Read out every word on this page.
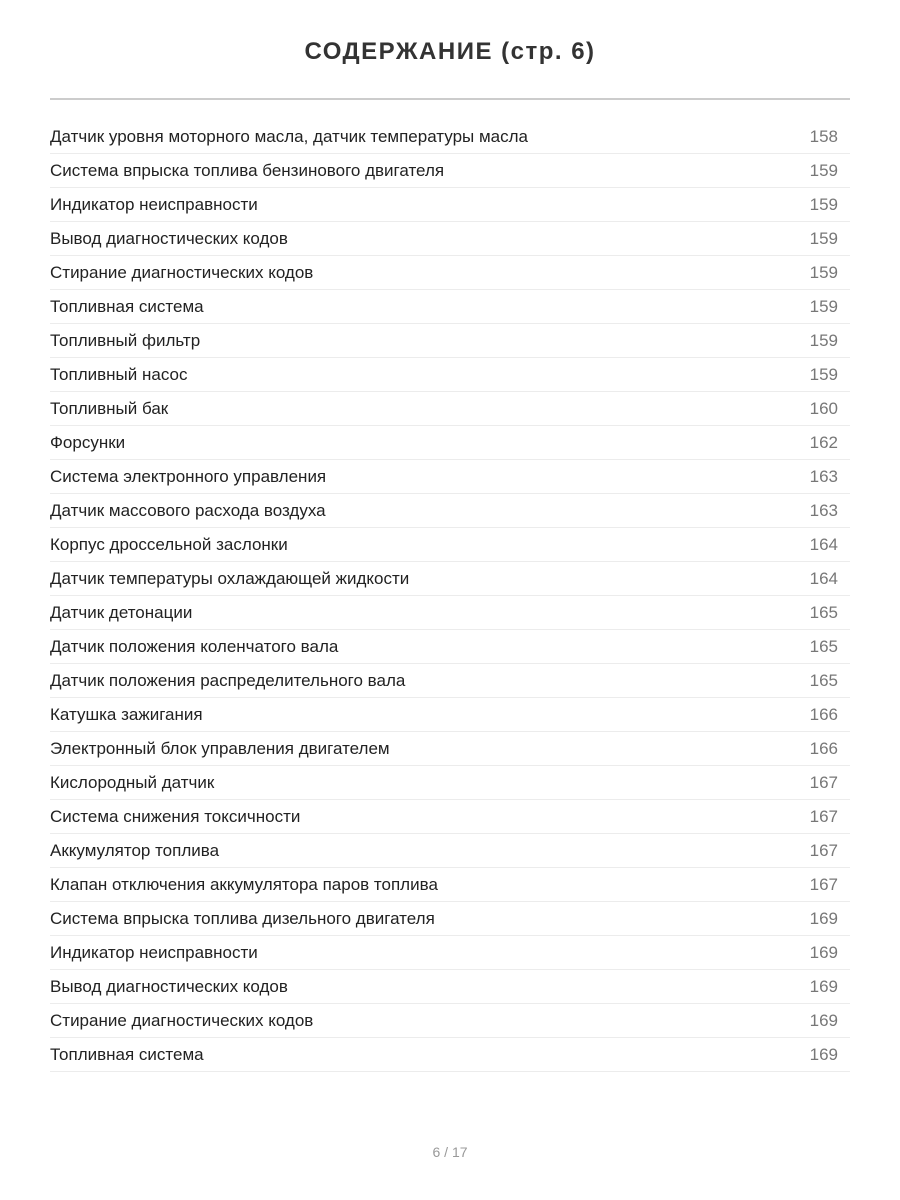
СОДЕРЖАНИЕ (стр. 6)
Датчик уровня моторного масла, датчик температуры масла	158
Система впрыска топлива бензинового двигателя	159
Индикатор неисправности	159
Вывод диагностических кодов	159
Стирание диагностических кодов	159
Топливная система	159
Топливный фильтр	159
Топливный насос	159
Топливный бак	160
Форсунки	162
Система электронного управления	163
Датчик массового расхода воздуха	163
Корпус дроссельной заслонки	164
Датчик температуры охлаждающей жидкости	164
Датчик детонации	165
Датчик положения коленчатого вала	165
Датчик положения распределительного вала	165
Катушка зажигания	166
Электронный блок управления двигателем	166
Кислородный датчик	167
Система снижения токсичности	167
Аккумулятор топлива	167
Клапан отключения аккумулятора паров топлива	167
Система впрыска топлива дизельного двигателя	169
Индикатор неисправности	169
Вывод диагностических кодов	169
Стирание диагностических кодов	169
Топливная система	169
6 / 17
